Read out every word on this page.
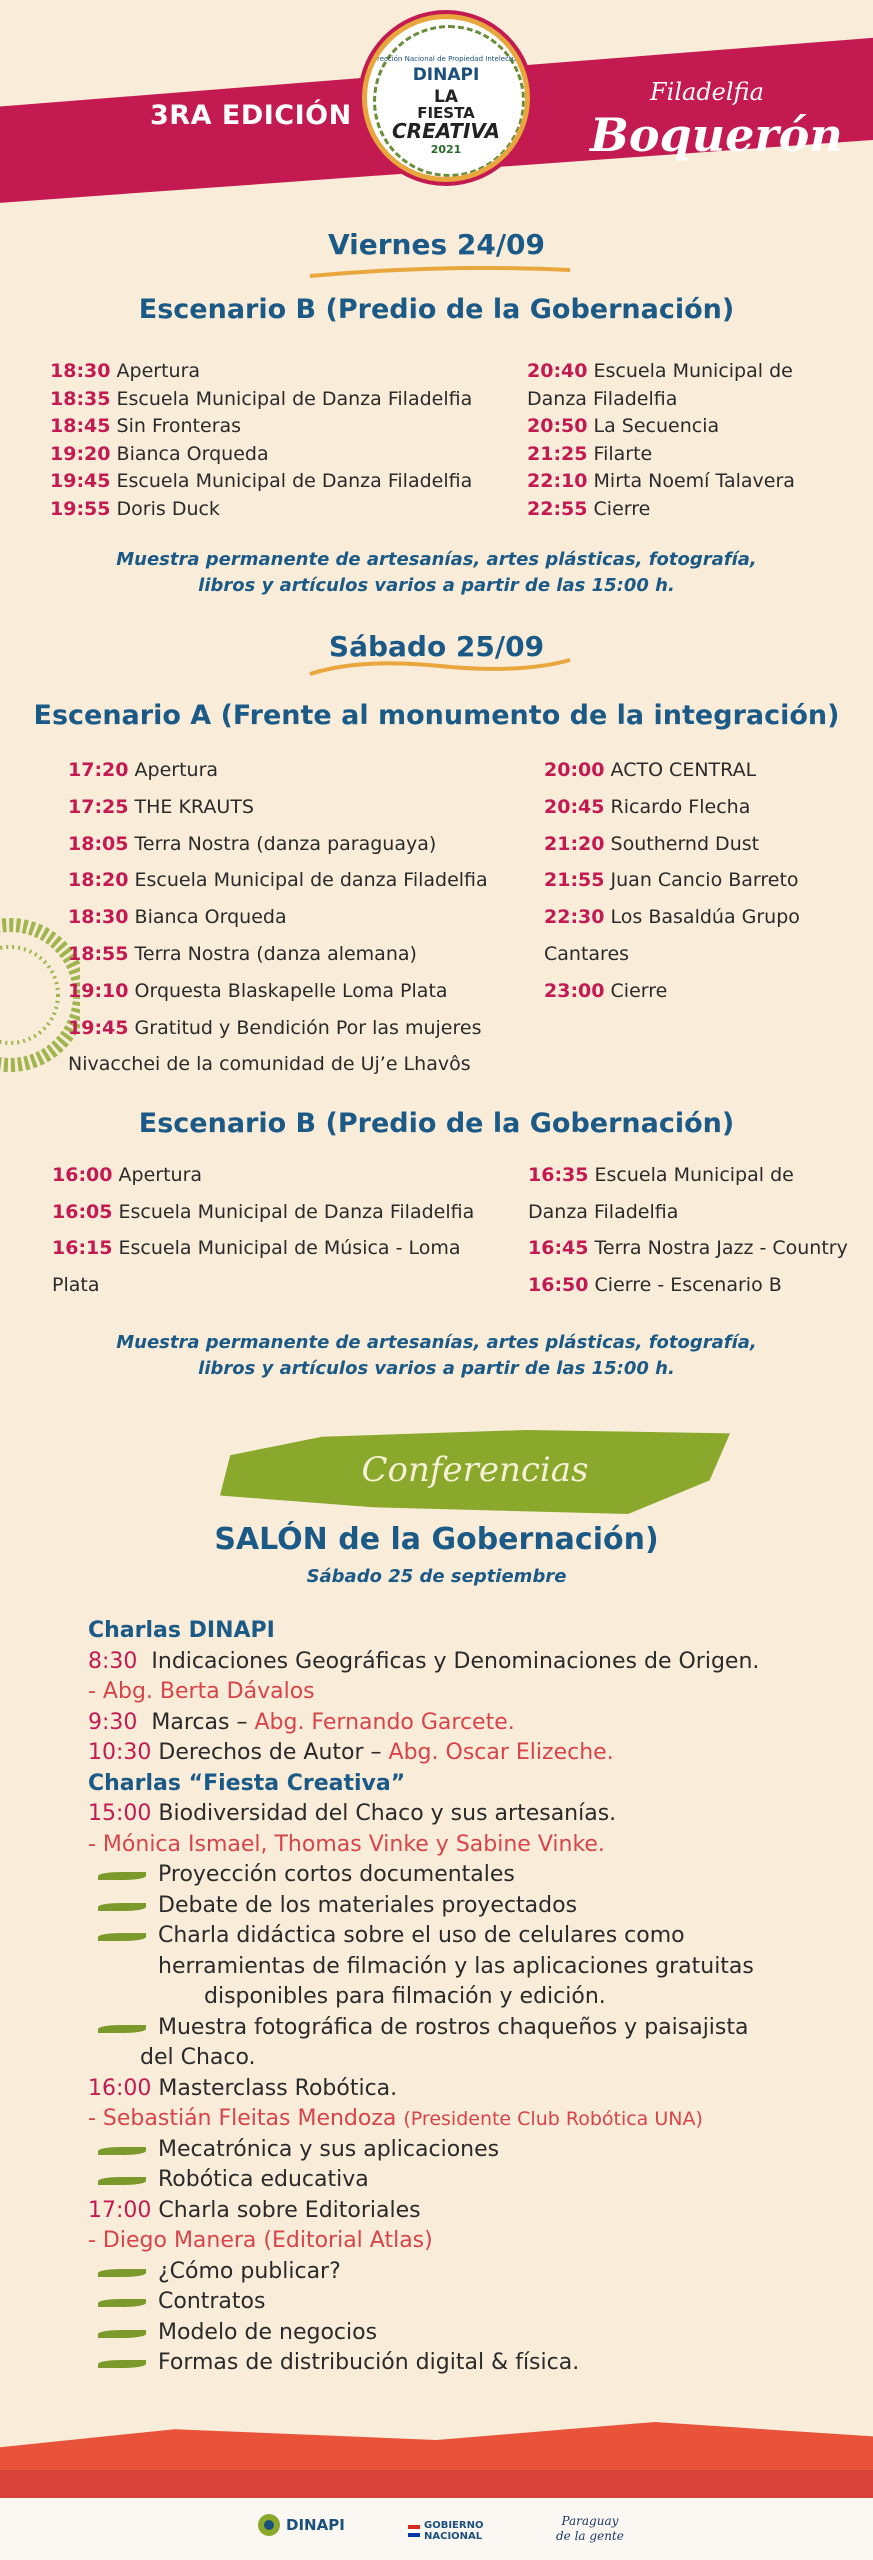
3RA EDICIÓN
Filadelfia
Boquerón
Dirección Nacional de Propiedad Intelectual
DINAPI
LA
FIESTA
CREATIVA
2021
Viernes 24/09
Escenario B (Predio de la Gobernación)
18:30 Apertura
18:35 Escuela Municipal de Danza Filadelfia
18:45 Sin Fronteras
19:20 Bianca Orqueda
19:45 Escuela Municipal de Danza Filadelfia
19:55 Doris Duck
20:40 Escuela Municipal de
Danza Filadelfia
20:50 La Secuencia
21:25 Filarte
22:10 Mirta Noemí Talavera
22:55 Cierre
Muestra permanente de artesanías, artes plásticas, fotografía,
libros y artículos varios a partir de las 15:00 h.
Sábado 25/09
Escenario A (Frente al monumento de la integración)
17:20 Apertura
17:25 THE KRAUTS
18:05 Terra Nostra (danza paraguaya)
18:20 Escuela Municipal de danza Filadelfia
18:30 Bianca Orqueda
18:55 Terra Nostra (danza alemana)
19:10 Orquesta Blaskapelle Loma Plata
19:45 Gratitud y Bendición Por las mujeres
Nivacchei de la comunidad de Uj’e Lhavôs
20:00 ACTO CENTRAL
20:45 Ricardo Flecha
21:20 Southernd Dust
21:55 Juan Cancio Barreto
22:30 Los Basaldúa Grupo
Cantares
23:00 Cierre
Escenario B (Predio de la Gobernación)
16:00 Apertura
16:05 Escuela Municipal de Danza Filadelfia
16:15 Escuela Municipal de Música - Loma
Plata
16:35 Escuela Municipal de
Danza Filadelfia
16:45 Terra Nostra Jazz - Country
16:50 Cierre - Escenario B
Muestra permanente de artesanías, artes plásticas, fotografía,
libros y artículos varios a partir de las 15:00 h.
Conferencias
SALÓN de la Gobernación)
Sábado 25 de septiembre
Charlas DINAPI
8:30 Indicaciones Geográficas y Denominaciones de Origen.
- Abg. Berta Dávalos
9:30 Marcas – Abg. Fernando Garcete.
10:30 Derechos de Autor – Abg. Oscar Elizeche.
Charlas “Fiesta Creativa”
15:00 Biodiversidad del Chaco y sus artesanías.
- Mónica Ismael, Thomas Vinke y Sabine Vinke.
Proyección cortos documentales
Debate de los materiales proyectados
Charla didáctica sobre el uso de celulares como
herramientas de filmación y las aplicaciones gratuitas
disponibles para filmación y edición.
Muestra fotográfica de rostros chaqueños y paisajista
del Chaco.
16:00 Masterclass Robótica.
- Sebastián Fleitas Mendoza (Presidente Club Robótica UNA)
Mecatrónica y sus aplicaciones
Robótica educativa
17:00 Charla sobre Editoriales
- Diego Manera (Editorial Atlas)
¿Cómo publicar?
Contratos
Modelo de negocios
Formas de distribución digital & física.
DINAPI	GOBIERNO
NACIONAL
Paraguay
de la gente
